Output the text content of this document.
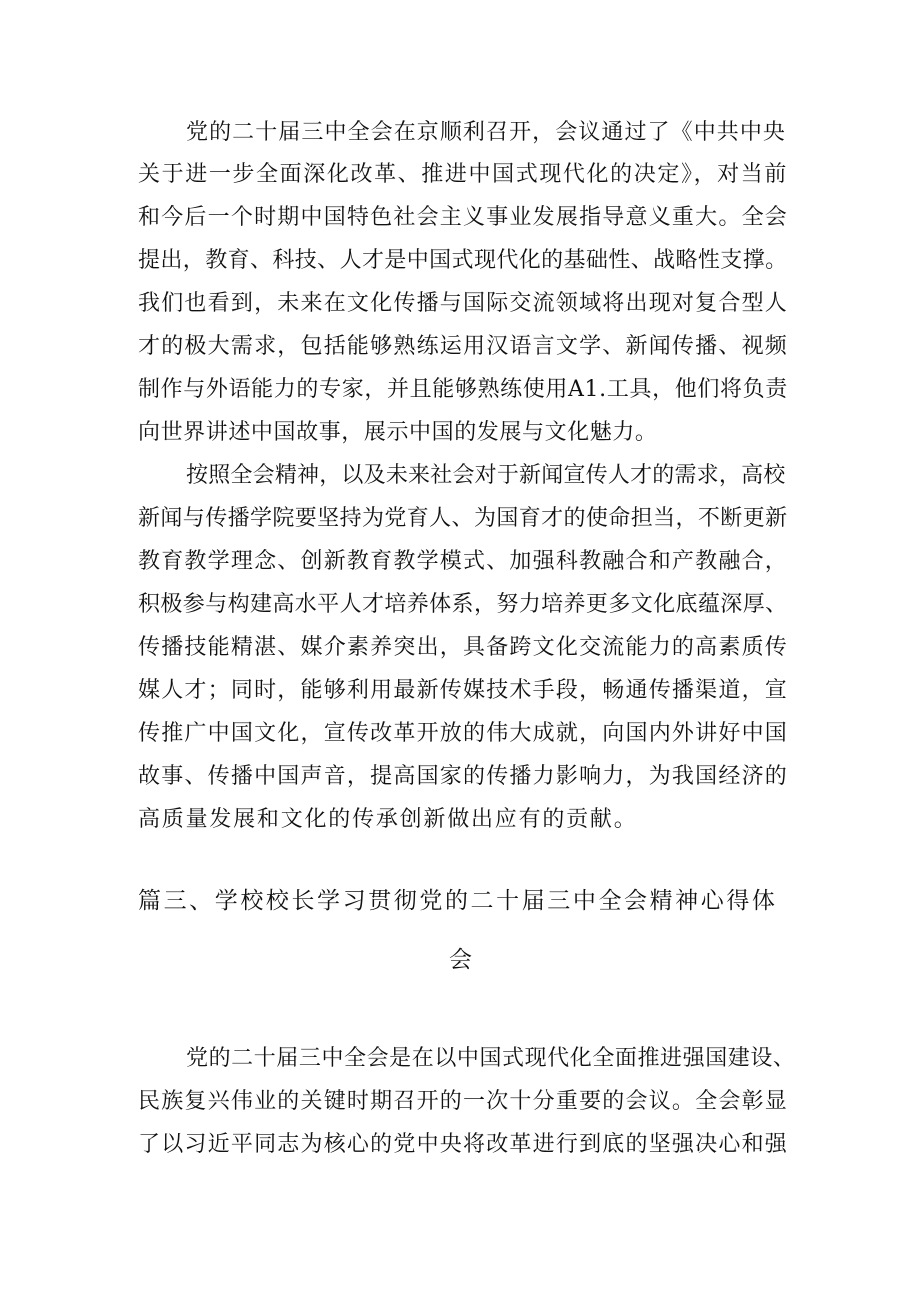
党的二十届三中全会在京顺利召开，会议通过了《中共中央

关于进一步全面深化改革、推进中国式现代化的决定》，对当前

和今后一个时期中国特色社会主义事业发展指导意义重大。全会

提出，教育、科技、人才是中国式现代化的基础性、战略性支撑。

我们也看到，未来在文化传播与国际交流领域将出现对复合型人

才的极大需求，包括能够熟练运用汉语言文学、新闻传播、视频

制作与外语能力的专家，并且能够熟练使用A1.工具，他们将负责

向世界讲述中国故事，展示中国的发展与文化魅力。

按照全会精神，以及未来社会对于新闻宣传人才的需求，高校

新闻与传播学院要坚持为党育人、为国育才的使命担当，不断更新

教育教学理念、创新教育教学模式、加强科教融合和产教融合，

积极参与构建高水平人才培养体系，努力培养更多文化底蕴深厚、

传播技能精湛、媒介素养突出，具备跨文化交流能力的高素质传

媒人才；同时，能够利用最新传媒技术手段，畅通传播渠道，宣

传推广中国文化，宣传改革开放的伟大成就，向国内外讲好中国

故事、传播中国声音，提高国家的传播力影响力，为我国经济的

高质量发展和文化的传承创新做出应有的贡献。

篇三、学校校长学习贯彻党的二十届三中全会精神心得体

会

党的二十届三中全会是在以中国式现代化全面推进强国建设、

民族复兴伟业的关键时期召开的一次十分重要的会议。全会彰显

了以习近平同志为核心的党中央将改革进行到底的坚强决心和强
